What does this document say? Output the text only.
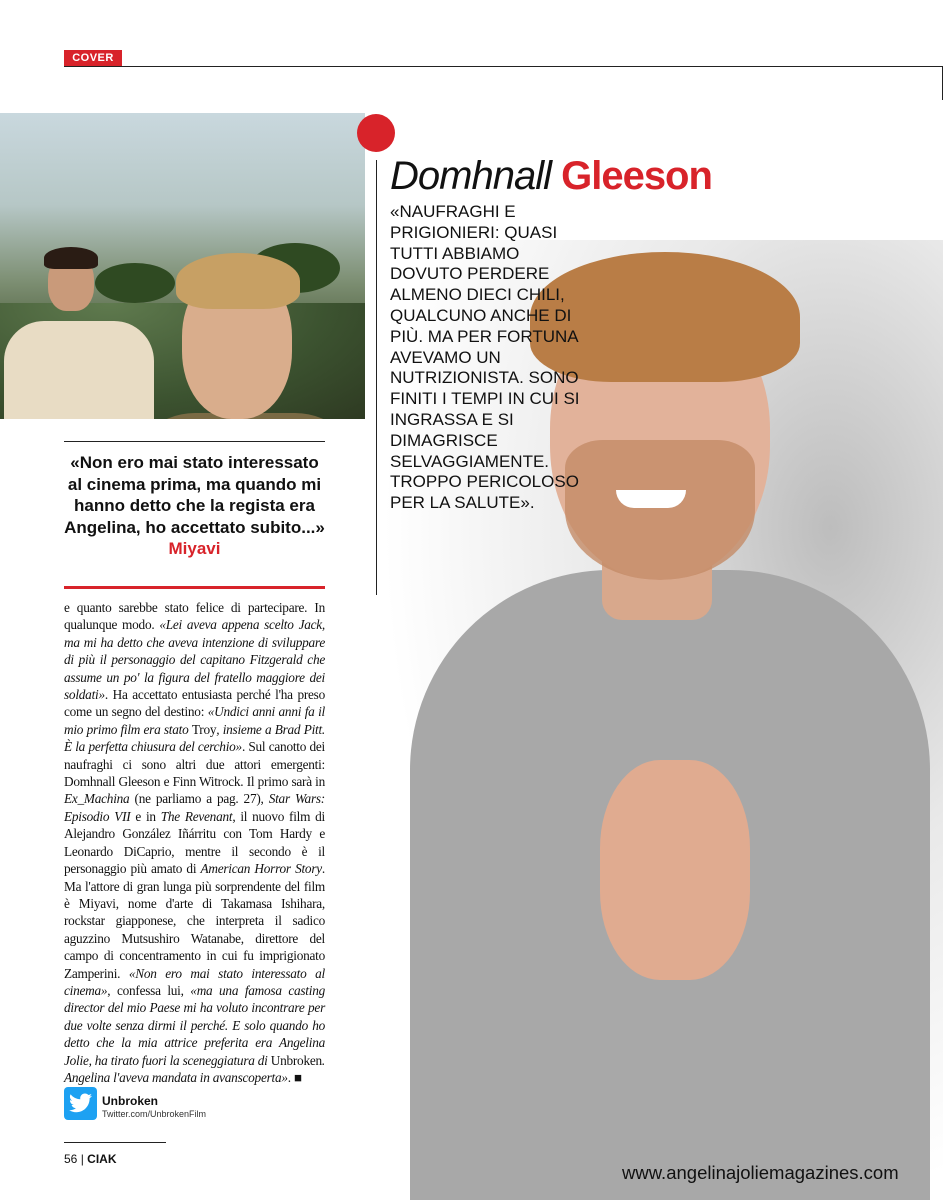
COVER
Domhnall Gleeson
«NAUFRAGHI E PRIGIONIERI: QUASI TUTTI ABBIAMO DOVUTO PERDERE ALMENO DIECI CHILI, QUALCUNO ANCHE DI PIÙ. MA PER FORTUNA AVEVAMO UN NUTRIZIONISTA. SONO FINITI I TEMPI IN CUI SI INGRASSA E SI DIMAGRISCE SELVAGGIAMENTE. TROPPO PERICOLOSO PER LA SALUTE».
«Non ero mai stato interessato al cinema prima, ma quando mi hanno detto che la regista era Angelina, ho accettato subito...»
Miyavi

e quanto sarebbe stato felice di partecipare. In qualunque modo. «Lei aveva appena scelto Jack, ma mi ha detto che aveva intenzione di sviluppare di più il personaggio del capitano Fitzgerald che assume un po' la figura del fratello maggiore dei soldati». Ha accettato entusiasta perché l'ha preso come un segno del destino: «Undici anni anni fa il mio primo film era stato Troy, insieme a Brad Pitt. È la perfetta chiusura del cerchio». Sul canotto dei naufraghi ci sono altri due attori emergenti: Domhnall Gleeson e Finn Witrock. Il primo sarà in Ex_Machina (ne parliamo a pag. 27), Star Wars: Episodio VII e in The Revenant, il nuovo film di Alejandro González Iñárritu con Tom Hardy e Leonardo DiCaprio, mentre il secondo è il personaggio più amato di American Horror Story. Ma l'attore di gran lunga più sorprendente del film è Miyavi, nome d'arte di Takamasa Ishihara, rockstar giapponese, che interpreta il sadico aguzzino Mutsushiro Watanabe, direttore del campo di concentramento in cui fu imprigionato Zamperini. «Non ero mai stato interessato al cinema», confessa lui, «ma una famosa casting director del mio Paese mi ha voluto incontrare per due volte senza dirmi il perché. E solo quando ho detto che la mia attrice preferita era Angelina Jolie, ha tirato fuori la sceneggiatura di Unbroken. Angelina l'aveva mandata in avanscoperta». ■

Unbroken
Twitter.com/UnbrokenFilm
56 | CIAK
www.angelinajoliemagazines.com
